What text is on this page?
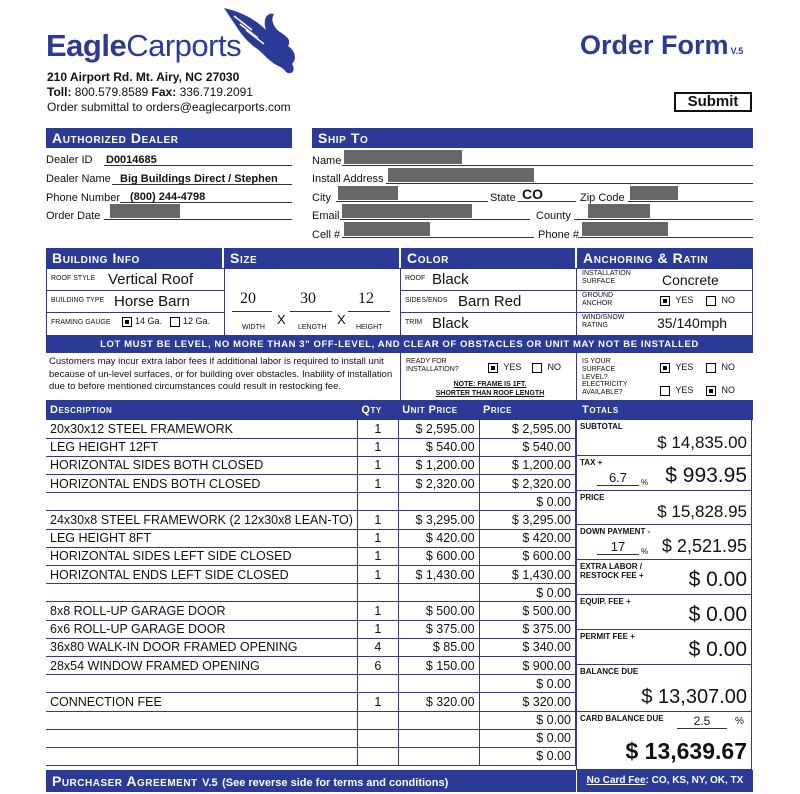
EagleCarports
210 Airport Rd. Mt. Airy, NC 27030
Toll: 800.579.8589 Fax: 336.719.2091
Order submittal to orders@eaglecarports.com
Order Form V.5
Submit
Authorized Dealer
Dealer ID D0014685
Dealer Name Big Buildings Direct / Stephen
Phone Number (800) 244-4798
Order Date
Ship To
Name
Install Address
City	State CO	Zip Code
Email	County
Cell #	Phone #
Building Info	Size	Color	Anchoring & Ratin
ROOF STYLE Vertical Roof
BUILDING TYPE Horse Barn
FRAMING GAUGE	14 Ga.	12 Ga.
20	30	12
X	X
WIDTH	LENGTH	HEIGHT
ROOF Black
SIDES/ENDS Barn Red
TRIM Black
INSTALLATION SURFACE	Concrete
GROUND ANCHOR	YES	NO
WIND/SNOW RATING	35/140mph
LOT MUST BE LEVEL, NO MORE THAN 3" OFF-LEVEL, AND CLEAR OF OBSTACLES OR UNIT MAY NOT BE INSTALLED
Customers may incur extra labor fees if additional labor is required to install unit because of un-level surfaces, or for building over obstacles. Inability of installation due to before mentioned circumstances could result in restocking fee.
READY FOR INSTALLATION?	YES	NO
NOTE: FRAME IS 1FT.
SHORTER THAN ROOF LENGTH
IS YOUR SURFACE LEVEL?
YES	NO
ELECTRICITY AVAILABLE?	YES	NO
Description	Qty	Unit Price	Price
20x30x12 STEEL FRAMEWORK	1	$ 2,595.00	$ 2,595.00
LEG HEIGHT 12FT	1	$ 540.00	$ 540.00
HORIZONTAL SIDES BOTH CLOSED	1	$ 1,200.00	$ 1,200.00
HORIZONTAL ENDS BOTH CLOSED	1	$ 2,320.00	$ 2,320.00
			$ 0.00
24x30x8 STEEL FRAMEWORK (2 12x30x8 LEAN-TO)	1	$ 3,295.00	$ 3,295.00
LEG HEIGHT 8FT	1	$ 420.00	$ 420.00
HORIZONTAL SIDES LEFT SIDE CLOSED	1	$ 600.00	$ 600.00
HORIZONTAL ENDS LEFT SIDE CLOSED	1	$ 1,430.00	$ 1,430.00
			$ 0.00
8x8 ROLL-UP GARAGE DOOR	1	$ 500.00	$ 500.00
6x6 ROLL-UP GARAGE DOOR	1	$ 375.00	$ 375.00
36x80 WALK-IN DOOR FRAMED OPENING	4	$ 85.00	$ 340.00
28x54 WINDOW FRAMED OPENING	6	$ 150.00	$ 900.00
			$ 0.00
CONNECTION FEE	1	$ 320.00	$ 320.00
			$ 0.00
			$ 0.00
			$ 0.00
Totals
SUBTOTAL
$ 14,835.00
TAX +
6.7	% $ 993.95
PRICE
$ 15,828.95
DOWN PAYMENT -
17	% $ 2,521.95
EXTRA LABOR /
RESTOCK FEE + $ 0.00
EQUIP. FEE +
$ 0.00
PERMIT FEE +
$ 0.00
BALANCE DUE
$ 13,307.00
CARD BALANCE DUE	2.5	%
$ 13,639.67
Purchaser Agreement V.5 (See reverse side for terms and conditions)	No Card Fee: CO, KS, NY, OK, TX
